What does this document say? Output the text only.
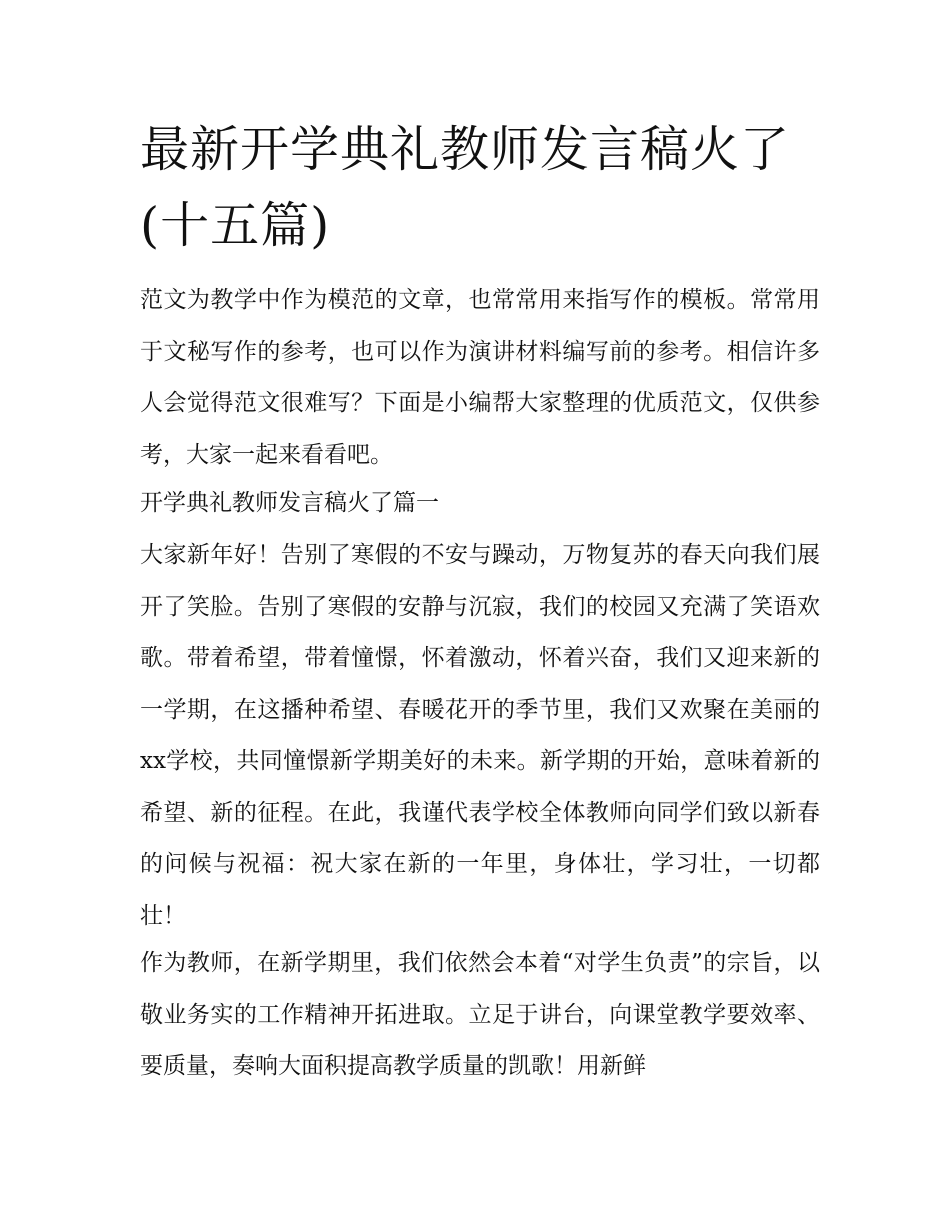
最新开学典礼教师发言稿火了(十五篇)

范文为教学中作为模范的文章，也常常用来指写作的模板。常常用于文秘写作的参考，也可以作为演讲材料编写前的参考。相信许多人会觉得范文很难写？下面是小编帮大家整理的优质范文，仅供参考，大家一起来看看吧。

开学典礼教师发言稿火了篇一

大家新年好！告别了寒假的不安与躁动，万物复苏的春天向我们展开了笑脸。告别了寒假的安静与沉寂，我们的校园又充满了笑语欢歌。带着希望，带着憧憬，怀着激动，怀着兴奋，我们又迎来新的一学期，在这播种希望、春暖花开的季节里，我们又欢聚在美丽的xx学校，共同憧憬新学期美好的未来。新学期的开始，意味着新的希望、新的征程。在此，我谨代表学校全体教师向同学们致以新春的问候与祝福：祝大家在新的一年里，身体壮，学习壮，一切都壮！

作为教师，在新学期里，我们依然会本着“对学生负责”的宗旨，以敬业务实的工作精神开拓进取。立足于讲台，向课堂教学要效率、要质量，奏响大面积提高教学质量的凯歌！用新鲜
